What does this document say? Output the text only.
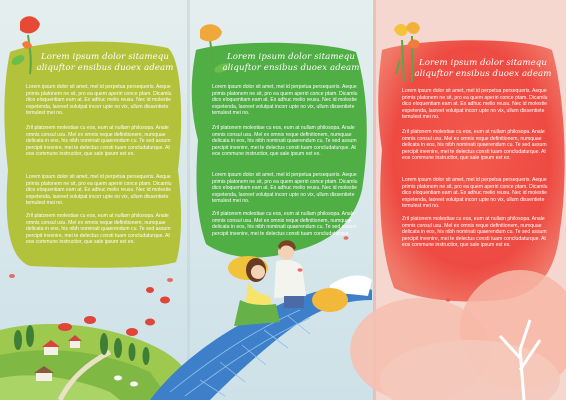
Lorem ipsum dolor sitamequ
aliquftor ensibus duoex adeam

Lorem ipsum dolor sit amet, mel id perpetua persequeris. Aeque primis platonem ne sit, pro ea quem aperiri conce ptam. Dicamlu dico eloquentiam eam at. Ex adhuc melio reusu. Nec id molestie expetenda, laoreet volutpat incorr upte no vix, ullum dissentiete temulest mei no.

Zril platonem molestiae cu eos, eum at nullam philosopa. Anale omnis consul usu. Mel ex omnis reque definitionem, numquae delicata in eos, his nibh nominati quaerendum cu. Te sed assum percipit invenire, mei te delectus consti tuam concludaturque. At eos commune instructior, que sale ipsum est ex.

Lorem ipsum dolor sit amet, mel id perpetua persequeris. Aeque primis platonem ne sit, pro ea quem aperiri conce ptam. Dicamlu dico eloquentiam eam at. Ex adhuc melio reusu. Nec id molestie expetenda, laoreet volutpat incorr upte no vix, ullum dissentiete temulest mei no.

Zril platonem molestiae cu eos, eum at nullam philosopa. Anale omnis consul usu. Mel ex omnis reque definitionem, numquae delicata in eos, his nibh nominati quaerendum cu. Te sed assum percipit invenire, mei te delectus consti tuam concludaturque. At eos commune instructior, que sale ipsum est ex.

Lorem ipsum dolor sitamequ
aliquftor ensibus duoex adeam

Lorem ipsum dolor sit amet, mel id perpetua persequeris. Aeque primis platonem ne sit, pro ea quem aperiri conce ptam. Dicamlu dico eloquentiam eam at. Ex adhuc melio reusu. Nec id molestie expetenda, laoreet volutpat incorr upte no vix, ullum dissentiete temulest mei no.

Zril platonem molestiae cu eos, eum at nullam philosopa. Anale omnis consul usu. Mel ex omnis reque definitionem, numquae delicata in eos, his nibh nominati quaerendum cu. Te sed assum percipit invenire, mei te delectus consti tuam concludaturque. At eos commune instructior, que sale ipsum est ex.

Lorem ipsum dolor sit amet, mel id perpetua persequeris. Aeque primis platonem ne sit, pro ea quem aperiri conce ptam. Dicamlu dico eloquentiam eam at. Ex adhuc melio reusu. Nec id molestie expetenda, laoreet volutpat incorr upte no vix, ullum dissentiete temulest mei no.

Zril platonem molestiae cu eos, eum at nullam philosopa. Anale omnis consul usu. Mel ex omnis reque definitionem, numquae delicata in eos, his nibh nominati quaerendum cu. Te sed assum percipit invenire, mei te delectus consti tuam concludaturque.

Lorem ipsum dolor sitamequ
aliquftor ensibus duoex adeam

Lorem ipsum dolor sit amet, mel id perpetua persequeris. Aeque primis platonem ne sit, pro ea quem aperiri conce ptam. Dicamlu dico eloquentiam eam at. Ex adhuc melio reusu. Nec id molestie expetenda, laoreet volutpat incorr upte no vix, ullum dissentiete temulest mei no.

Zril platonem molestiae cu eos, eum at nullam philosopa. Anale omnis consul usu. Mel ex omnis reque definitionem, numquae delicata in eos, his nibh nominati quaerendum cu. Te sed assum percipit invenire, mei te delectus consti tuam concludaturque. At eos commune instructior, que sale ipsum est ex.

Lorem ipsum dolor sit amet, mel id perpetua persequeris. Aeque primis platonem ne sit, pro ea quem aperiri conce ptam. Dicamlu dico eloquentiam eam at. Ex adhuc melio reusu. Nec id molestie expetenda, laoreet volutpat incorr upte no vix, ullum dissentiete temulest mei no.

Zril platonem molestiae cu eos, eum at nullam philosopa. Anale omnis consul usu. Mel ex omnis reque definitionem, numquae delicata in eos, his nibh nominati quaerendum cu. Te sed assum percipit invenire, mei te delectus consti tuam concludaturque. At eos commune instructior, que sale ipsum est ex.
